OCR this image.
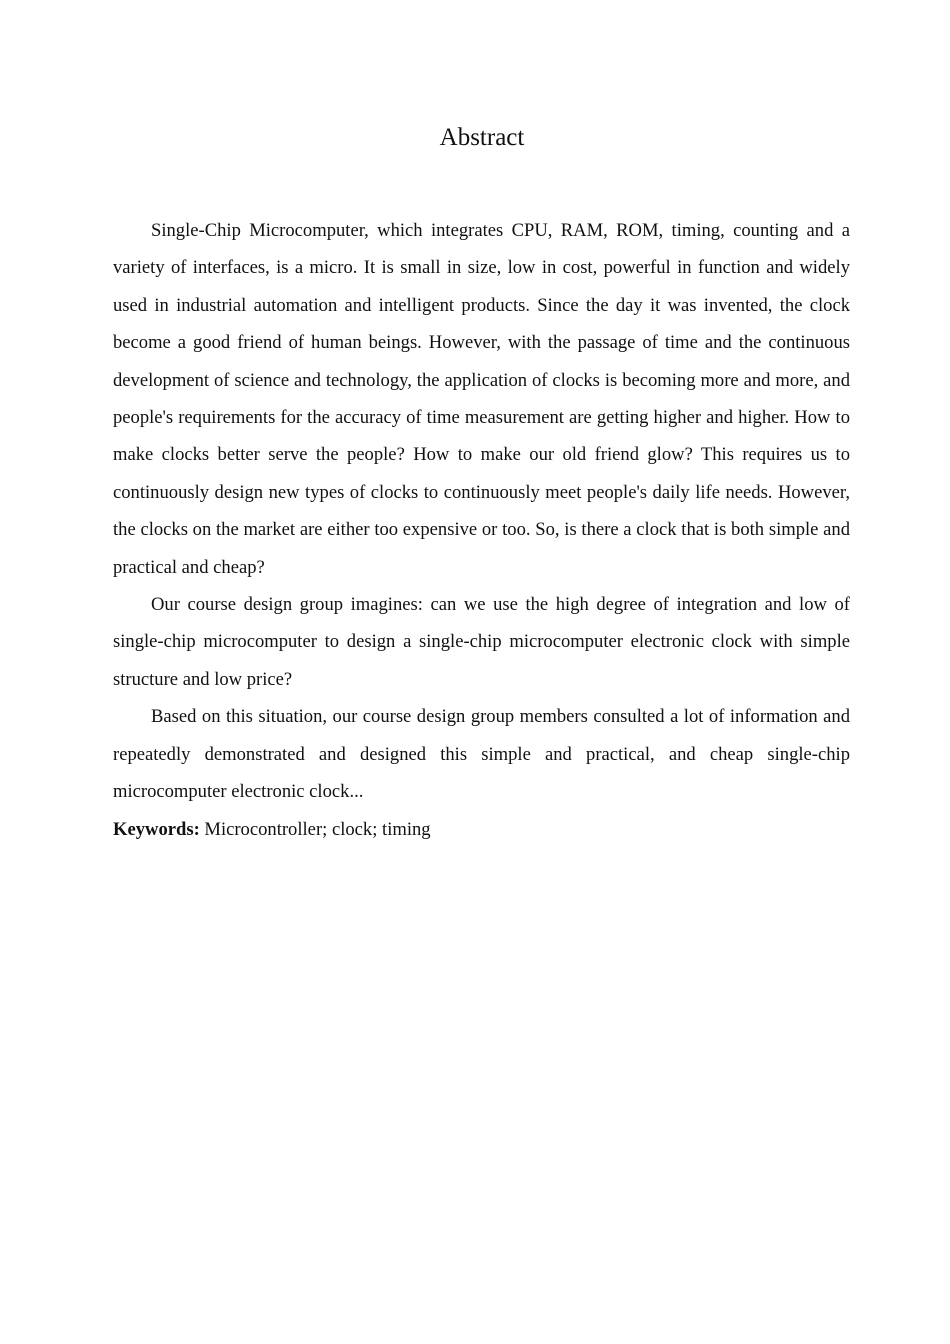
Abstract

Single-Chip Microcomputer, which integrates CPU, RAM, ROM, timing, counting and a variety of interfaces, is a micro. It is small in size, low in cost, powerful in function and widely used in industrial automation and intelligent products. Since the day it was invented, the clock become a good friend of human beings. However, with the passage of time and the continuous development of science and technology, the application of clocks is becoming more and more, and people's requirements for the accuracy of time measurement are getting higher and higher. How to make clocks better serve the people? How to make our old friend glow? This requires us to continuously design new types of clocks to continuously meet people's daily life needs. However, the clocks on the market are either too expensive or too. So, is there a clock that is both simple and practical and cheap?

Our course design group imagines: can we use the high degree of integration and low of single-chip microcomputer to design a single-chip microcomputer electronic clock with simple structure and low price?

Based on this situation, our course design group members consulted a lot of information and repeatedly demonstrated and designed this simple and practical, and cheap single-chip microcomputer electronic clock...

Keywords: Microcontroller; clock; timing
